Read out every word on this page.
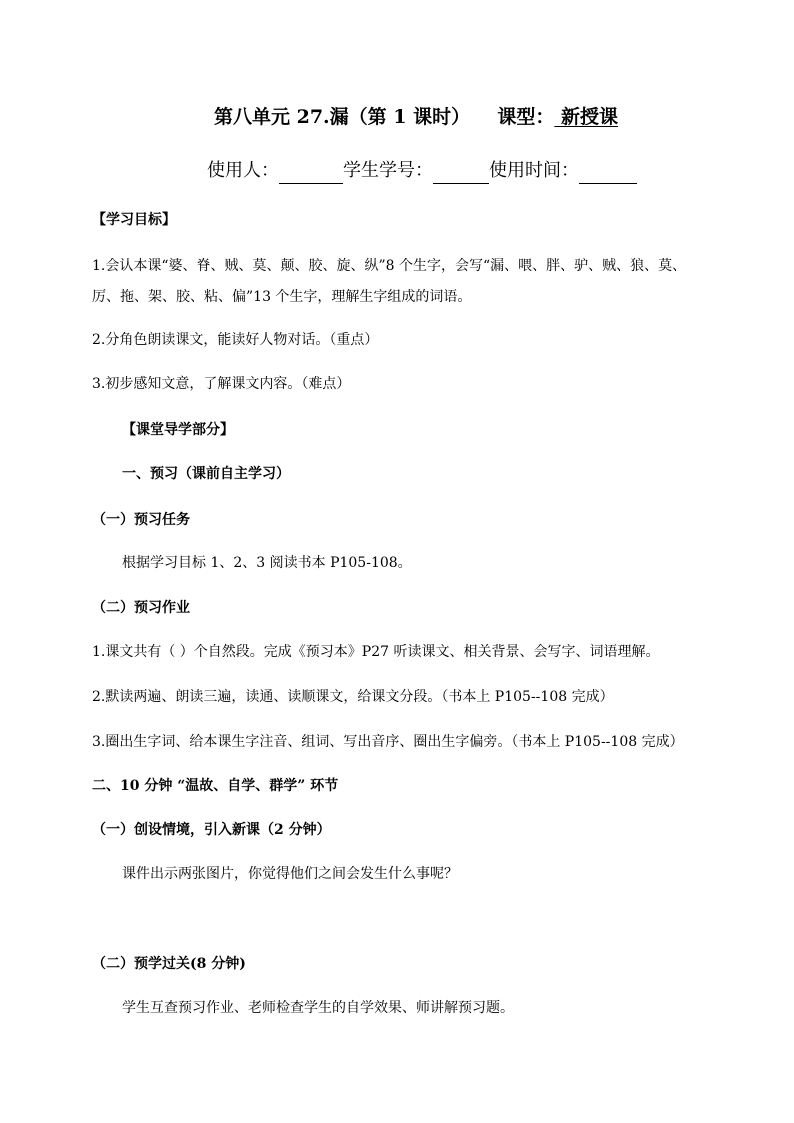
第八单元 27.漏（第 1 课时） 课型： 新授课
使用人：	学生学号：	使用时间：
【学习目标】
1.会认本课“婆、脊、贼、莫、颠、胶、旋、纵”8 个生字，会写“漏、喂、胖、驴、贼、狼、莫、
厉、拖、架、胶、粘、偏”13 个生字，理解生字组成的词语。
2.分角色朗读课文，能读好人物对话。（重点）
3.初步感知文意，了解课文内容。（难点）
【课堂导学部分】
一、预习（课前自主学习）
（一）预习任务
根据学习目标 1、2、3 阅读书本 P105-108。
（二）预习作业
1.课文共有（ ）个自然段。完成《预习本》P27 听读课文、相关背景、会写字、词语理解。
2.默读两遍、朗读三遍，读通、读顺课文，给课文分段。（书本上 P105--108 完成）
3.圈出生字词、给本课生字注音、组词、写出音序、圈出生字偏旁。（书本上 P105--108 完成）
二、10 分钟 “温故、自学、群学” 环节
（一）创设情境，引入新课（2 分钟）
课件出示两张图片，你觉得他们之间会发生什么事呢？
（二）预学过关(8 分钟)
学生互查预习作业、老师检查学生的自学效果、师讲解预习题。
